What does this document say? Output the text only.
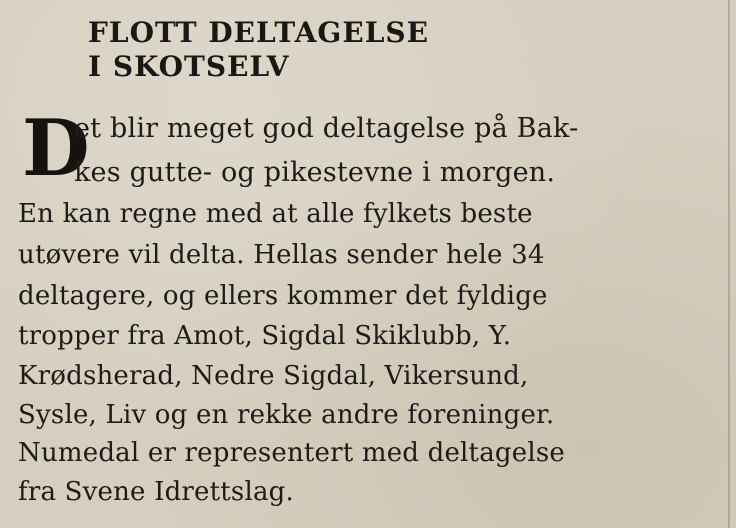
FLOTT DELTAGELSE
I SKOTSELV
D
et blir meget god deltagelse på Bak-
kes gutte- og pikestevne i morgen.
En kan regne med at alle fylkets beste
utøvere vil delta. Hellas sender hele 34
deltagere, og ellers kommer det fyldige
tropper fra Amot, Sigdal Skiklubb, Y.
Krødsherad, Nedre Sigdal, Vikersund,
Sysle, Liv og en rekke andre foreninger.
Numedal er representert med deltagelse
fra Svene Idrettslag.
